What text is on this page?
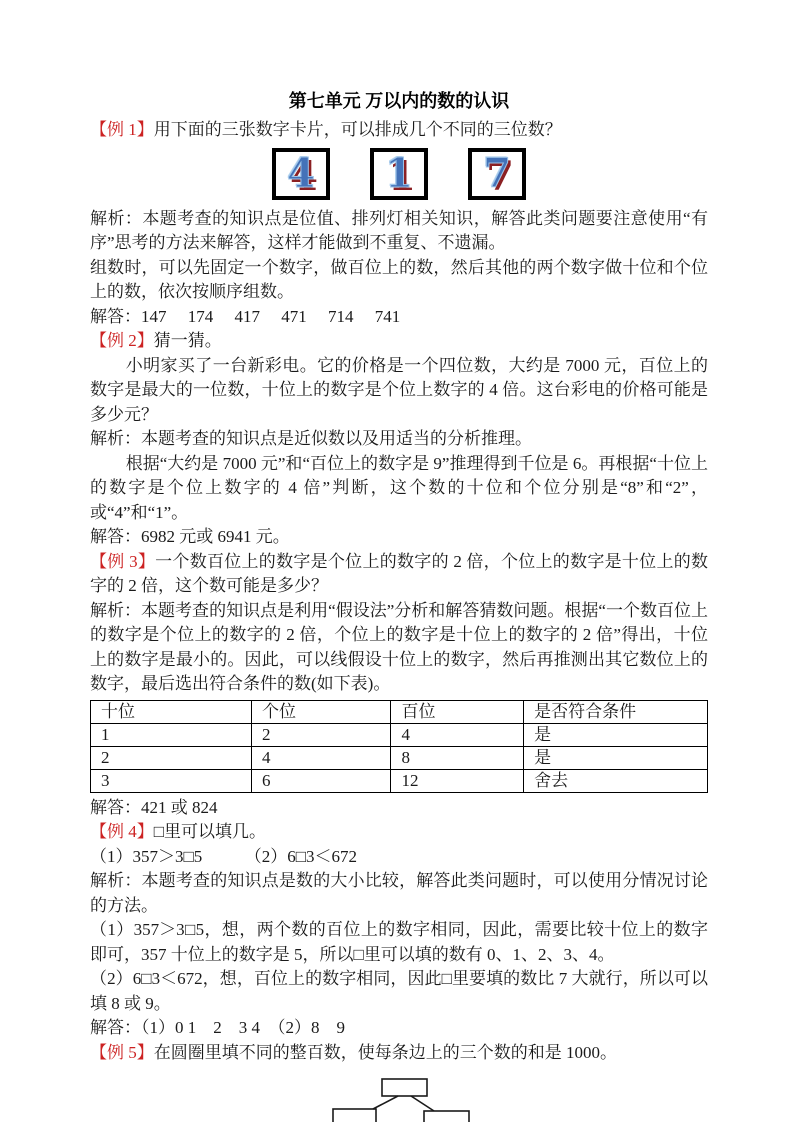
第七单元 万以内的数的认识

【例 1】用下面的三张数字卡片，可以排成几个不同的三位数？

4 1 7

解析：本题考查的知识点是位值、排列灯相关知识，解答此类问题要注意使用“有序”思考的方法来解答，这样才能做到不重复、不遗漏。

组数时，可以先固定一个数字，做百位上的数，然后其他的两个数字做十位和个位上的数，依次按顺序组数。

解答：147　 174　 417　 471　 714　 741

【例 2】猜一猜。

小明家买了一台新彩电。它的价格是一个四位数，大约是 7000 元，百位上的数字是最大的一位数，十位上的数字是个位上数字的 4 倍。这台彩电的价格可能是多少元？

解析：本题考查的知识点是近似数以及用适当的分析推理。

根据“大约是 7000 元”和“百位上的数字是 9”推理得到千位是 6。再根据“十位上的数字是个位上数字的 4 倍”判断，这个数的十位和个位分别是“8”和“2”，或“4”和“1”。

解答：6982 元或 6941 元。

【例 3】一个数百位上的数字是个位上的数字的 2 倍，个位上的数字是十位上的数字的 2 倍，这个数可能是多少？

解析：本题考查的知识点是利用“假设法”分析和解答猜数问题。根据“一个数百位上的数字是个位上的数字的 2 倍，个位上的数字是十位上的数字的 2 倍”得出，十位上的数字是最小的。因此，可以线假设十位上的数字，然后再推测出其它数位上的数字，最后选出符合条件的数(如下表)。

十位	个位	百位	是否符合条件
1	2	4	是
2	4	8	是
3	6	12	舍去

解答：421 或 824

【例 4】□里可以填几。

（1）357＞3□5　　　（2）6□3＜672

解析：本题考查的知识点是数的大小比较，解答此类问题时，可以使用分情况讨论的方法。

（1）357＞3□5，想，两个数的百位上的数字相同，因此，需要比较十位上的数字即可，357 十位上的数字是 5，所以□里可以填的数有 0、1、2、3、4。

（2）6□3＜672，想，百位上的数字相同，因此□里要填的数比 7 大就行，所以可以填 8 或 9。

解答：（1）0 1　2　3 4　（2）8　9

【例 5】在圆圈里填不同的整百数，使每条边上的三个数的和是 1000。
